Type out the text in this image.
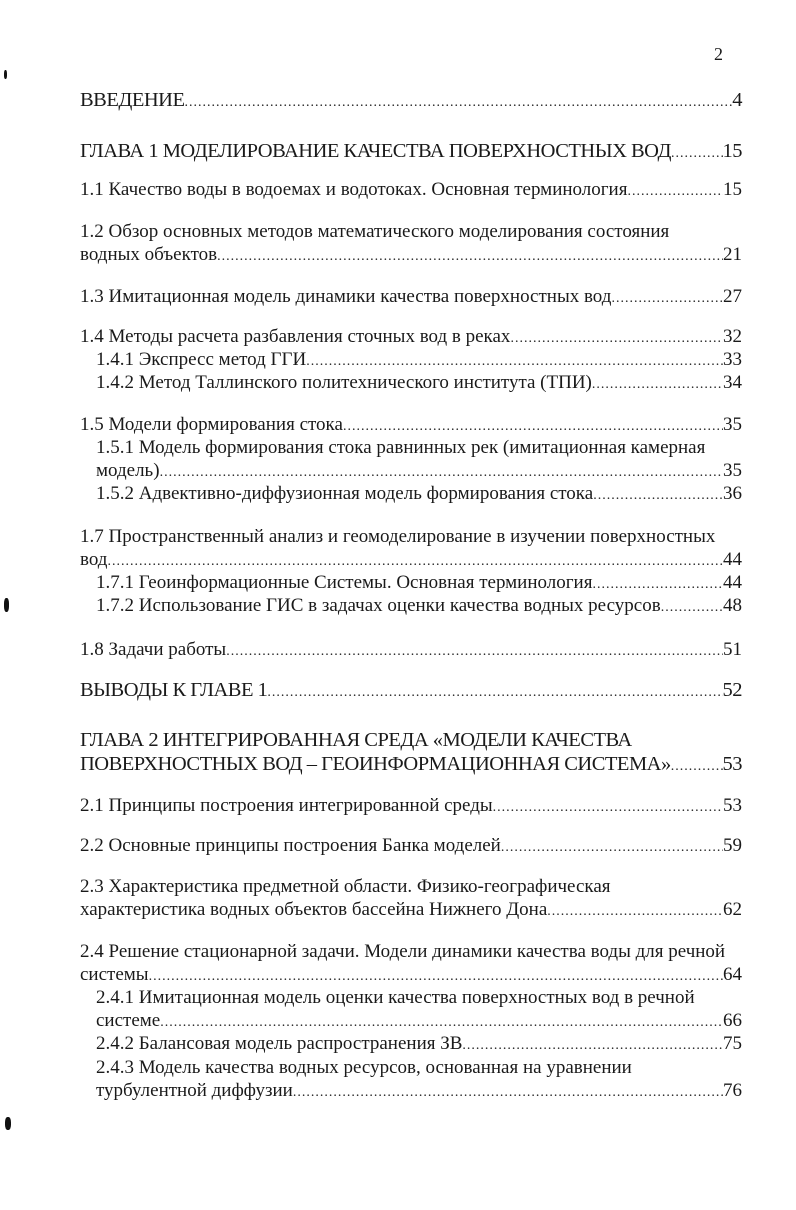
2
ВВЕДЕНИЕ .....	4
ГЛАВА 1 МОДЕЛИРОВАНИЕ КАЧЕСТВА ПОВЕРХНОСТНЫХ ВОД .....	15
1.1 Качество воды в водоемах и водотоках. Основная терминология .....	15
1.2 Обзор основных методов математического моделирования состояния
водных объектов .....	21
1.3 Имитационная модель динамики качества поверхностных вод .....	27
1.4 Методы расчета разбавления сточных вод в реках .....	32
1.4.1 Экспресс метод ГГИ .....	33
1.4.2 Метод Таллинского политехнического института (ТПИ) .....	34
1.5 Модели формирования стока .....	35
1.5.1 Модель формирования стока равнинных рек (имитационная камерная
модель) .....	35
1.5.2 Адвективно-диффузионная модель формирования стока .....	36
1.7 Пространственный анализ и геомоделирование в изучении поверхностных
вод .....	44
1.7.1 Геоинформационные Системы. Основная терминология .....	44
1.7.2 Использование ГИС в задачах оценки качества водных ресурсов .....	48
1.8 Задачи работы .....	51
ВЫВОДЫ К ГЛАВЕ 1 .....	52
ГЛАВА 2 ИНТЕГРИРОВАННАЯ СРЕДА «МОДЕЛИ КАЧЕСТВА
ПОВЕРХНОСТНЫХ ВОД – ГЕОИНФОРМАЦИОННАЯ СИСТЕМА» .....	53
2.1 Принципы построения интегрированной среды .....	53
2.2 Основные принципы построения Банка моделей .....	59
2.3 Характеристика предметной области. Физико-географическая
характеристика водных объектов бассейна Нижнего Дона .....	62
2.4 Решение стационарной задачи. Модели динамики качества воды для речной
системы .....	64
2.4.1 Имитационная модель оценки качества поверхностных вод в речной
системе .....	66
2.4.2 Балансовая модель распространения ЗВ .....	75
2.4.3 Модель качества водных ресурсов, основанная на уравнении
турбулентной диффузии .....	76
